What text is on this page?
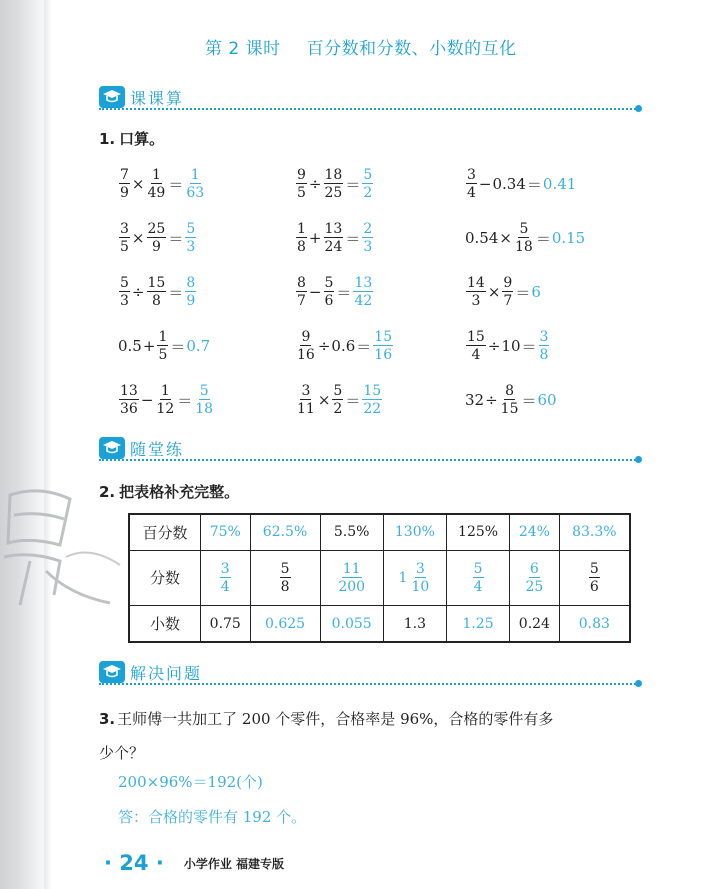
第 2 课时 百分数和分数、小数的互化
课课算
1. 口算。
$\frac{7}{9} \times \frac{1}{49} = \frac{1}{63}$	$\frac{9}{5} \div \frac{18}{25} = \frac{5}{2}$	$\frac{3}{4} - 0.34 = 0.41$
$\frac{3}{5} \times \frac{25}{9} = \frac{5}{3}$	$\frac{1}{8} + \frac{13}{24} = \frac{2}{3}$	$0.54 \times \frac{5}{18} = 0.15$
$\frac{5}{3} \div \frac{15}{8} = \frac{8}{9}$	$\frac{8}{7} - \frac{5}{6} = \frac{13}{42}$	$\frac{14}{3} \times \frac{9}{7} = 6$
$0.5 + \frac{1}{5} = 0.7$	$\frac{9}{16} \div 0.6 = \frac{15}{16}$	$\frac{15}{4} \div 10 = \frac{3}{8}$
$\frac{13}{36} - \frac{1}{12} = \frac{5}{18}$	$\frac{3}{11} \times \frac{5}{2} = \frac{15}{22}$	$32 \div \frac{8}{15} = 60$
随堂练
2. 把表格补充完整。
百分数	75%	62.5%	5.5%	130%	125%	24%	83.3%
分数	$\frac{3}{4}$	$\frac{5}{8}$	$\frac{11}{200}$	$1 \frac{3}{10}$	$\frac{5}{4}$	$\frac{6}{25}$	$\frac{5}{6}$

小数	0.75	0.625	0.055	1.3	1.25	0.24	0.83
解决问题
3. 王师傅一共加工了 200 个零件，合格率是 96%，合格的零件有多
少个？
200×96%＝192(个)
答：合格的零件有 192 个。
· 24 · 小学作业 福建专版
